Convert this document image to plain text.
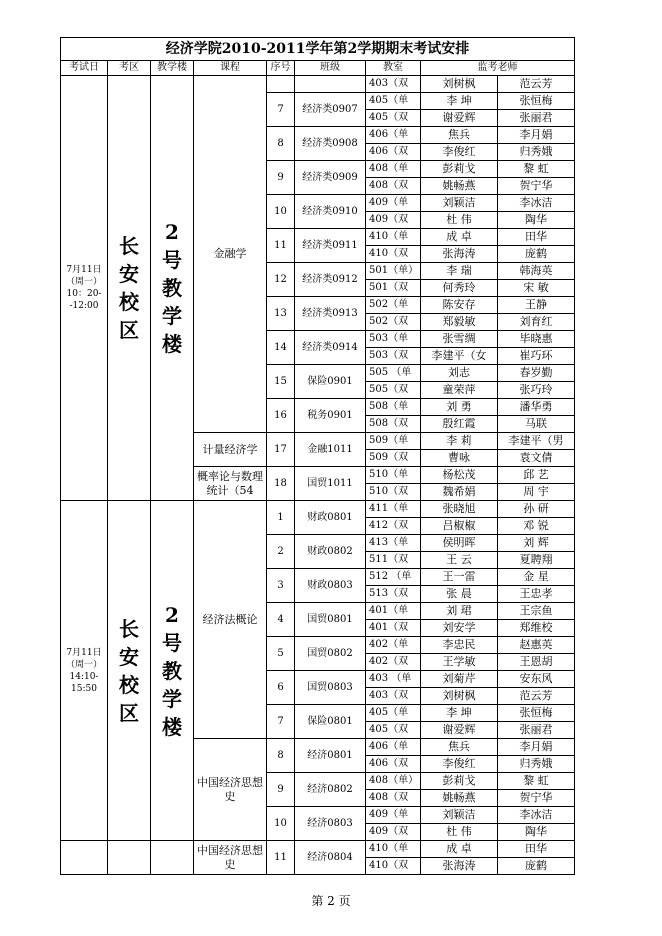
经济学院2010-2011学年第2学期期末考试安排								
考试日	考区	教学楼	课程	序号	班级	教室	监考老师	
7月11日（周一）10：20--12:00	长安校区	2号教学楼	金融学			403（双	刘树枫	范云芳
				7	经济类0907	405（单	李 坤	张恒梅
						405（双	谢爱辉	张丽君
				8	经济类0908	406（单	焦兵	李月娟
						406（双	李俊红	归秀娥
				9	经济类0909	408（单	彭莉戈	黎 虹
						408（双	姚畅燕	贺宁华
				10	经济类0910	409（单	刘颖洁	李冰洁
						409（双	杜 伟	陶华
				11	经济类0911	410（单	成 卓	田华
						410（双	张海涛	庞鹤
				12	经济类0912	501（单）	李 瑞	韩海英
						501（双	何秀玲	宋 敏
				13	经济类0913	502（单	陈安存	王静
						502（双	郑毅敏	刘育红
				14	经济类0914	503（单	张雪绸	毕晓惠
						503（双	李建平（女	崔巧环
				15	保险0901	505 （单	刘志	春岁勤
						505（双	童荣萍	张巧玲
				16	税务0901	508（单	刘 勇	潘华勇
						508（双	殷红霞	马联
			计量经济学	17	金融1011	509（单	李 莉	李建平（男
						509（双	曹咏	袁文倩
			概率论与数理统计（54	18	国贸1011	510（单	杨松茂	邱 艺
						510（双	魏希娟	周 宇
7月11日（周一）14:10-15:50	长安校区	2号教学楼	经济法概论	1	财政0801	411（单	张晓旭	孙 研
						412（双	吕椒椒	邓 锐
				2	财政0802	413（单	侯明晖	刘 辉
						511（双	王 云	夏聘翔
				3	财政0803	512 （单	王一雷	金 星
						513（双	张 晨	王忠孝
				4	国贸0801	401（单	刘 珺	王宗鱼
						401（双	刘安学	郑维校
				5	国贸0802	402（单	李忠民	赵惠英
						402（双	王学敏	王恩胡
				6	国贸0803	403 （单	刘菊芹	安东风
						403（双	刘树枫	范云芳
				7	保险0801	405（单	李 坤	张恒梅
						405（双	谢爱辉	张丽君
			中国经济思想史	8	经济0801	406（单	焦兵	李月娟
						406（双	李俊红	归秀娥
				9	经济0802	408（单）	彭莉戈	黎 虹
						408（双	姚畅燕	贺宁华
				10	经济0803	409（单	刘颖洁	李冰洁
						409（双	杜 伟	陶华
			中国经济思想史	11	经济0804	410（单	成 卓	田华
						410（双	张海涛	庞鹤
第 2 页
